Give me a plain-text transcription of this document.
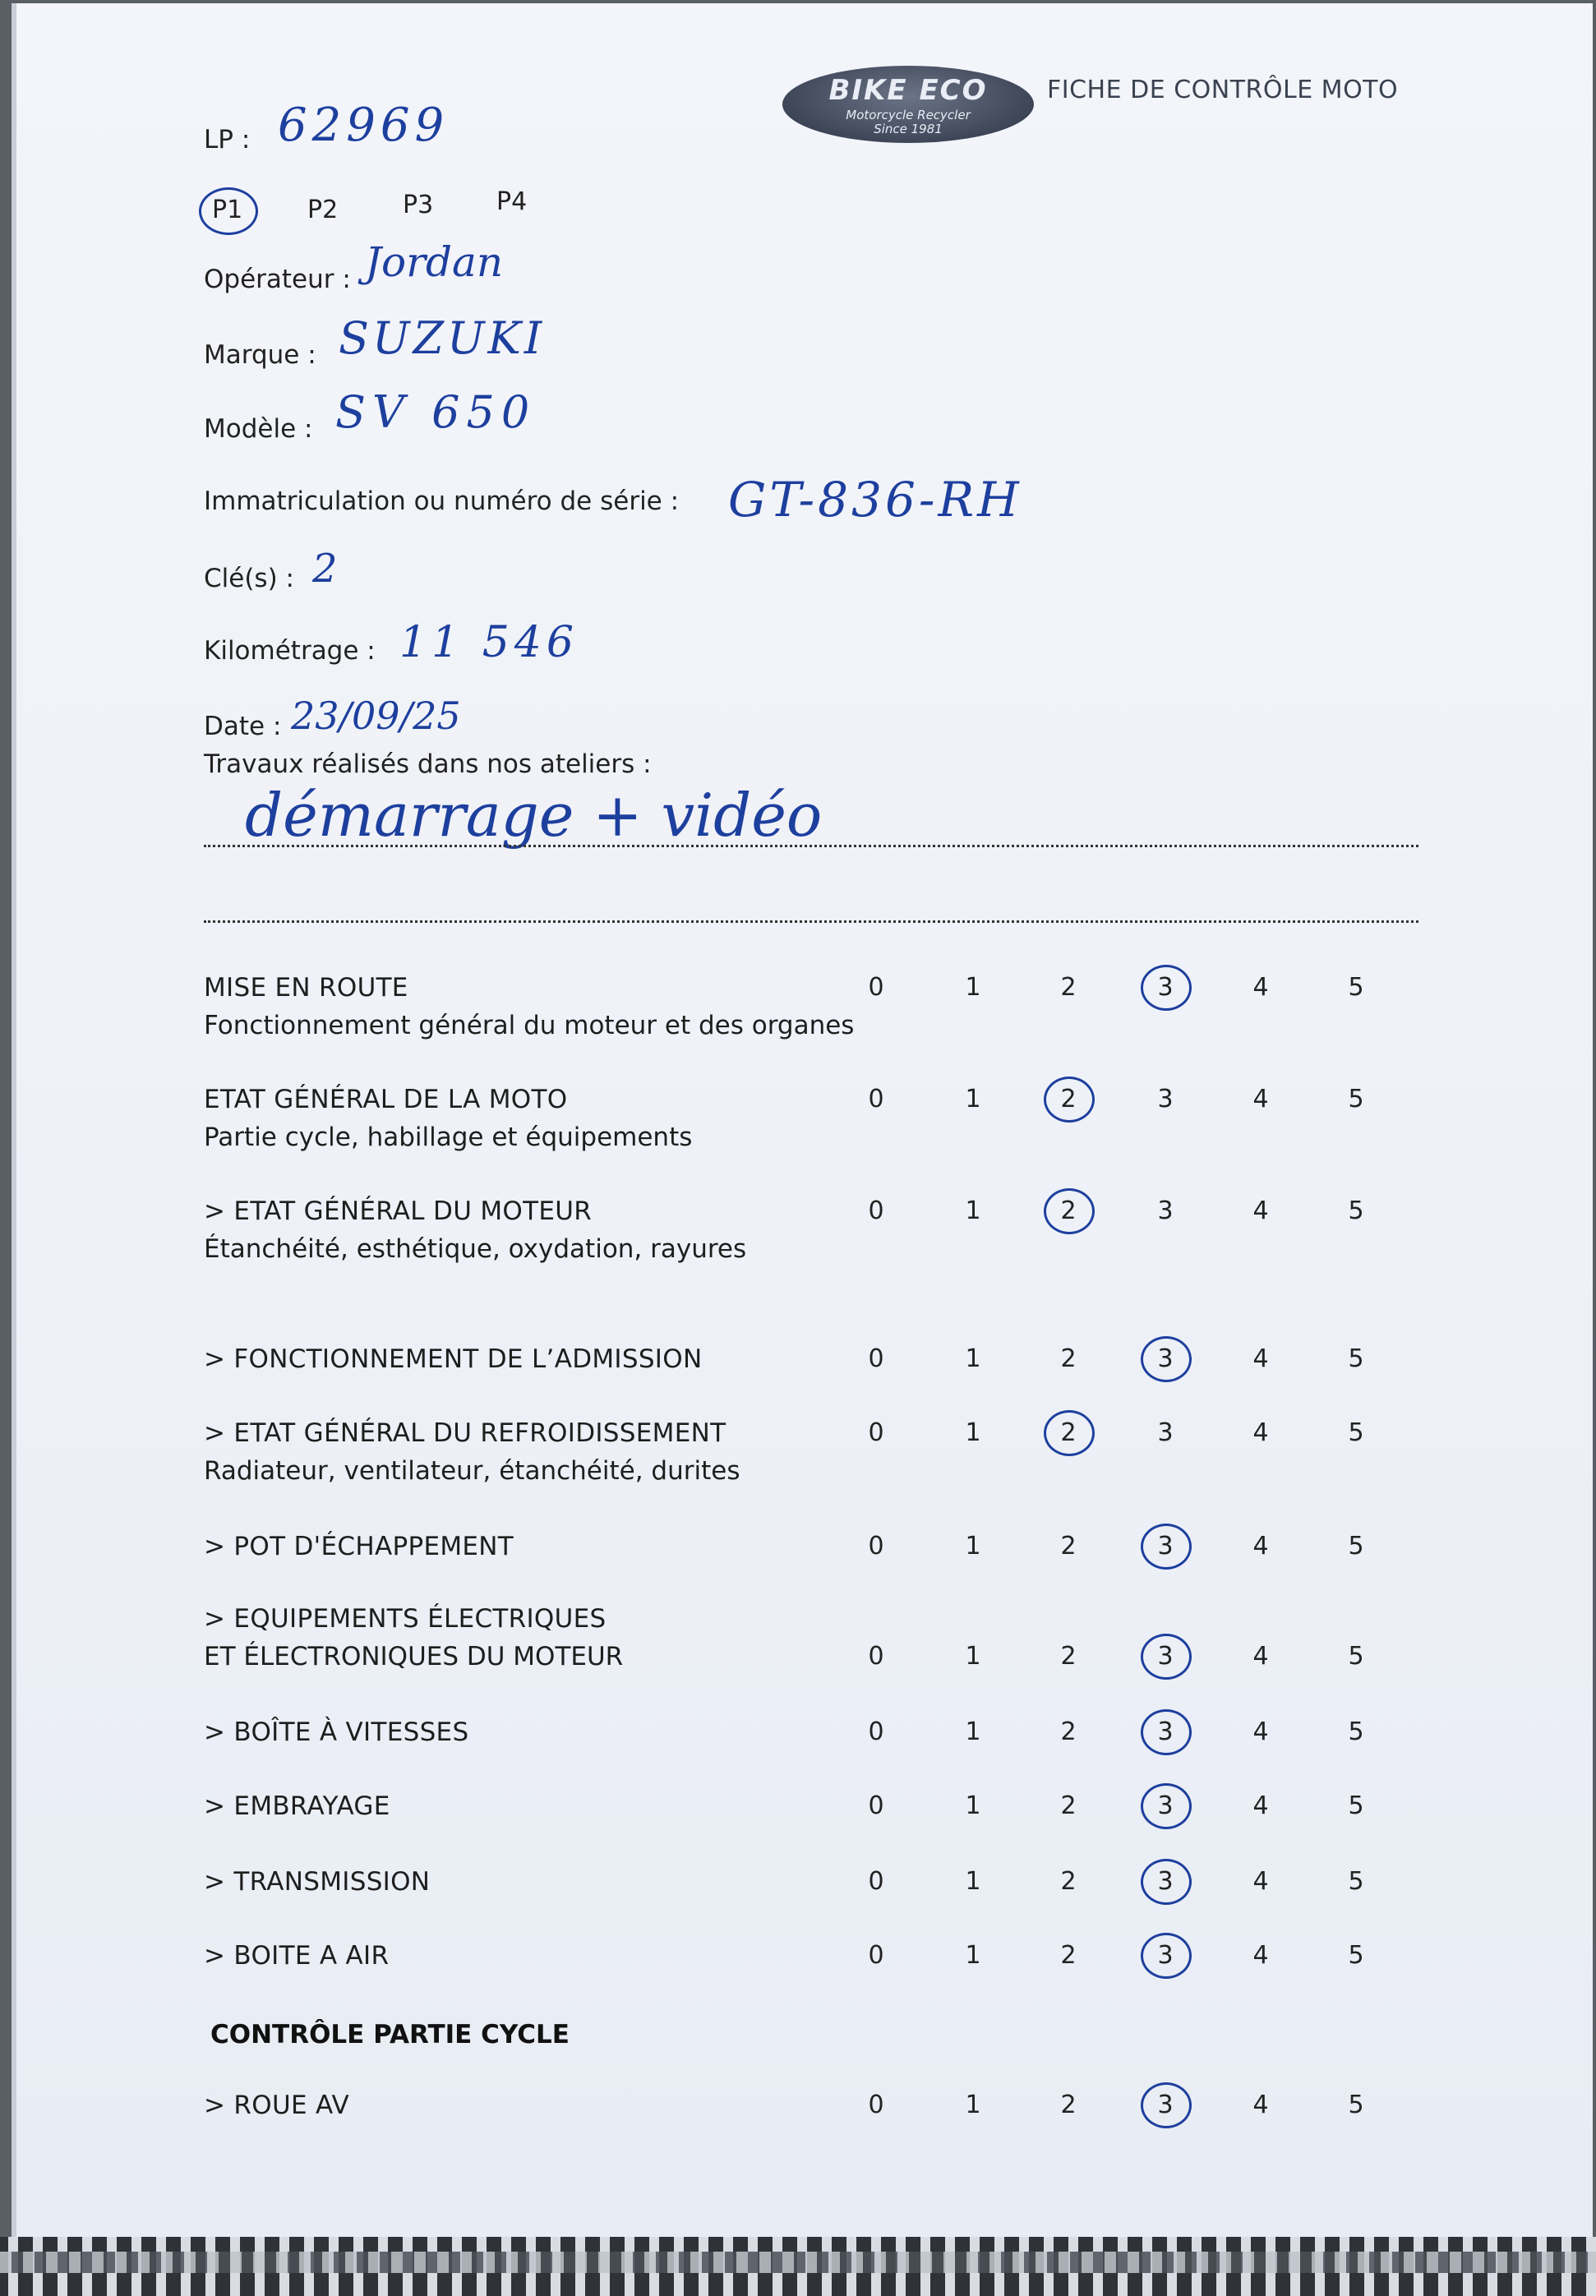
BIKE ECO
Motorcycle Recycler
Since 1981
FICHE DE CONTRÔLE MOTO
LP : 62969
P1	P2	P3	P4
Opérateur : Jordan
Marque : SUZUKI
Modèle : SV 650
Immatriculation ou numéro de série : GT-836-RH
Clé(s) : 2
Kilométrage : 11 546
Date : 23/09/25
Travaux réalisés dans nos ateliers :
démarrage + vidéo
MISE EN ROUTE
Fonctionnement général du moteur et des organes
0	1	2	3	4	5
ETAT GÉNÉRAL DE LA MOTO
Partie cycle, habillage et équipements
0	1	2	3	4	5
> ETAT GÉNÉRAL DU MOTEUR
Étanchéité, esthétique, oxydation, rayures
0	1	2	3	4	5
> FONCTIONNEMENT DE L’ADMISSION	0	1	2	3	4	5
> ETAT GÉNÉRAL DU REFROIDISSEMENT
Radiateur, ventilateur, étanchéité, durites
0	1	2	3	4	5
> POT D'ÉCHAPPEMENT	0	1	2	3	4	5
> EQUIPEMENTS ÉLECTRIQUES
ET ÉLECTRONIQUES DU MOTEUR	0	1	2	3	4	5
> BOÎTE À VITESSES	0	1	2	3	4	5
> EMBRAYAGE	0	1	2	3	4	5
> TRANSMISSION	0	1	2	3	4	5
> BOITE A AIR	0	1	2	3	4	5
CONTRÔLE PARTIE CYCLE
> ROUE AV	0	1	2	3	4	5
